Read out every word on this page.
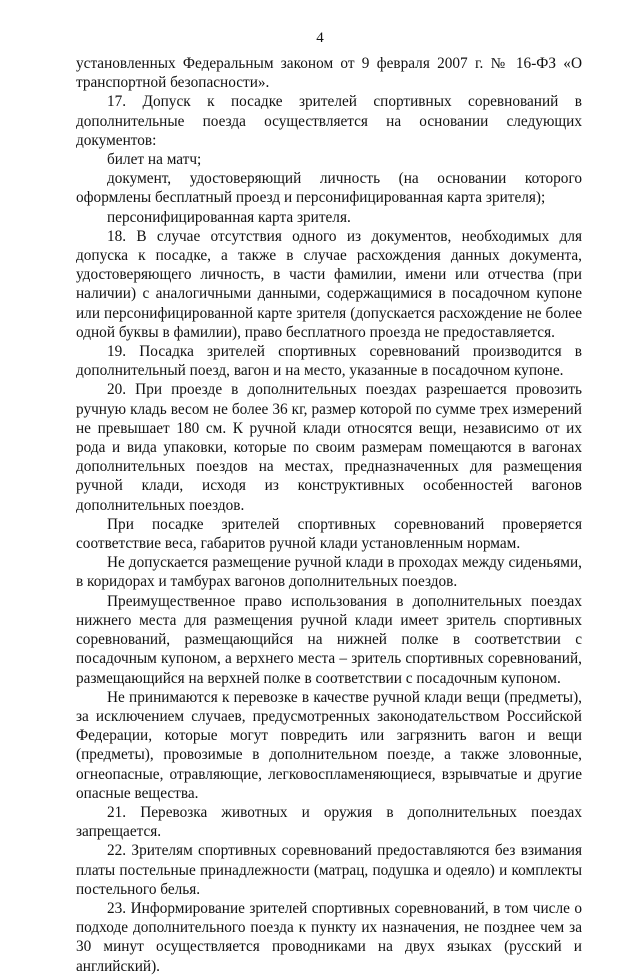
4

установленных Федеральным законом от 9 февраля 2007 г. № 16-ФЗ «О транспортной безопасности».

17. Допуск к посадке зрителей спортивных соревнований в дополнительные поезда осуществляется на основании следующих документов:

билет на матч;

документ, удостоверяющий личность (на основании которого оформлены бесплатный проезд и персонифицированная карта зрителя);

персонифицированная карта зрителя.

18. В случае отсутствия одного из документов, необходимых для допуска к посадке, а также в случае расхождения данных документа, удостоверяющего личность, в части фамилии, имени или отчества (при наличии) с аналогичными данными, содержащимися в посадочном купоне или персонифицированной карте зрителя (допускается расхождение не более одной буквы в фамилии), право бесплатного проезда не предоставляется.

19. Посадка зрителей спортивных соревнований производится в дополнительный поезд, вагон и на место, указанные в посадочном купоне.

20. При проезде в дополнительных поездах разрешается провозить ручную кладь весом не более 36 кг, размер которой по сумме трех измерений не превышает 180 см. К ручной клади относятся вещи, независимо от их рода и вида упаковки, которые по своим размерам помещаются в вагонах дополнительных поездов на местах, предназначенных для размещения ручной клади, исходя из конструктивных особенностей вагонов дополнительных поездов.

При посадке зрителей спортивных соревнований проверяется соответствие веса, габаритов ручной клади установленным нормам.

Не допускается размещение ручной клади в проходах между сиденьями, в коридорах и тамбурах вагонов дополнительных поездов.

Преимущественное право использования в дополнительных поездах нижнего места для размещения ручной клади имеет зритель спортивных соревнований, размещающийся на нижней полке в соответствии с посадочным купоном, а верхнего места – зритель спортивных соревнований, размещающийся на верхней полке в соответствии с посадочным купоном.

Не принимаются к перевозке в качестве ручной клади вещи (предметы), за исключением случаев, предусмотренных законодательством Российской Федерации, которые могут повредить или загрязнить вагон и вещи (предметы), провозимые в дополнительном поезде, а также зловонные, огнеопасные, отравляющие, легковоспламеняющиеся, взрывчатые и другие опасные вещества.

21. Перевозка животных и оружия в дополнительных поездах запрещается.

22. Зрителям спортивных соревнований предоставляются без взимания платы постельные принадлежности (матрац, подушка и одеяло) и комплекты постельного белья.

23. Информирование зрителей спортивных соревнований, в том числе о подходе дополнительного поезда к пункту их назначения, не позднее чем за 30 минут осуществляется проводниками на двух языках (русский и английский).
